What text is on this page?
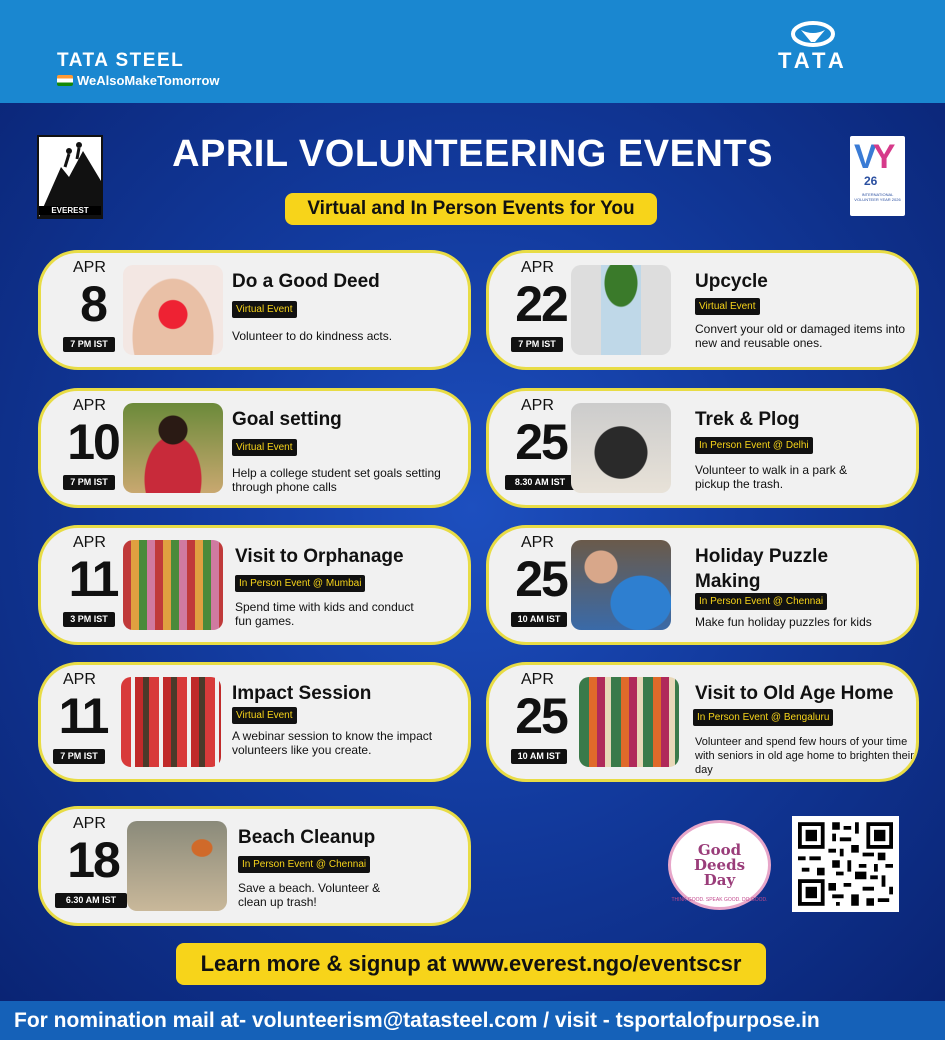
TATA STEEL
WeAlsoMakeTomorrow
TATA
EVEREST
VY
26
INTERNATIONAL VOLUNTEER YEAR 2026
APRIL VOLUNTEERING EVENTS
Virtual and In Person Events for You
APR
8
7 PM IST
Do a Good Deed
Virtual Event
Volunteer to do kindness acts.
APR
22
7 PM IST
Upcycle
Virtual Event
Convert your old or damaged items into new and reusable ones.
APR
10
7 PM IST
Goal setting
Virtual Event
Help a college student set goals setting through phone calls
APR
25
8.30 AM IST
Trek & Plog
In Person Event @ Delhi
Volunteer to walk in a park & pickup the trash.
APR
11
3 PM IST
Visit to Orphanage
In Person Event @ Mumbai
Spend time with kids and conduct fun games.
APR
25
10 AM IST
Holiday Puzzle Making
In Person Event @ Chennai
Make fun holiday puzzles for kids
APR
11
7 PM IST
Impact Session
Virtual Event
A webinar session to know the impact volunteers like you create.
APR
25
10 AM IST
Visit to Old Age Home
In Person Event @ Bengaluru
Volunteer and spend few hours of your time with seniors in old age home to brighten their day
APR
18
6.30 AM IST
Beach Cleanup
In Person Event @ Chennai
Save a beach. Volunteer & clean up trash!
Good
Deeds
Day
THINK GOOD. SPEAK GOOD. DO GOOD.
Learn more & signup at www.everest.ngo/eventscsr
For nomination mail at- volunteerism@tatasteel.com / visit - tsportalofpurpose.in
